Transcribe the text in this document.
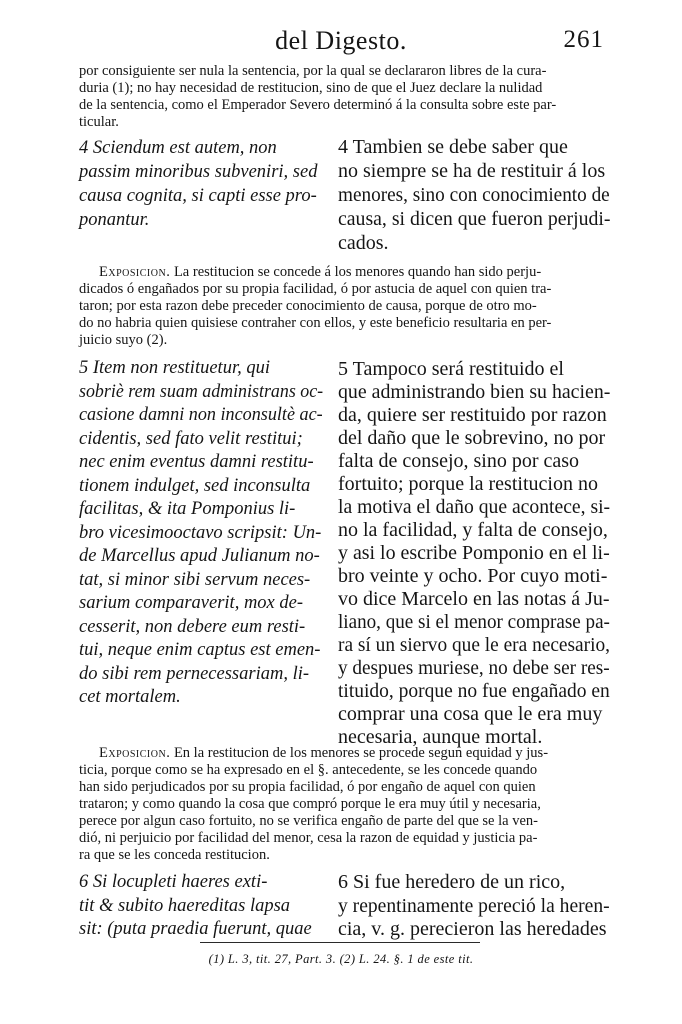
del Digesto.	261
por consiguiente ser nula la sentencia, por la qual se declararon libres de la cura-
duria (1); no hay necesidad de restitucion, sino de que el Juez declare la nulidad
de la sentencia, como el Emperador Severo determinó á la consulta sobre este par-
ticular.
4 Sciendum est autem, non
passim minoribus subveniri, sed
causa cognita, si capti esse pro-
ponantur.
4 Tambien se debe saber que
no siempre se ha de restituir á los
menores, sino con conocimiento de
causa, si dicen que fueron perjudi-
cados.
Exposicion. La restitucion se concede á los menores quando han sido perju-
dicados ó engañados por su propia facilidad, ó por astucia de aquel con quien tra-
taron; por esta razon debe preceder conocimiento de causa, porque de otro mo-
do no habria quien quisiese contraher con ellos, y este beneficio resultaria en per-
juicio suyo (2).
5 Item non restituetur, qui
sobriè rem suam administrans oc-
casione damni non inconsultè ac-
cidentis, sed fato velit restitui;
nec enim eventus damni restitu-
tionem indulget, sed inconsulta
facilitas, & ita Pomponius li-
bro vicesimooctavo scripsit: Un-
de Marcellus apud Julianum no-
tat, si minor sibi servum neces-
sarium comparaverit, mox de-
cesserit, non debere eum resti-
tui, neque enim captus est emen-
do sibi rem pernecessariam, li-
cet mortalem.
5 Tampoco será restituido el
que administrando bien su hacien-
da, quiere ser restituido por razon
del daño que le sobrevino, no por
falta de consejo, sino por caso
fortuito; porque la restitucion no
la motiva el daño que acontece, si-
no la facilidad, y falta de consejo,
y asi lo escribe Pomponio en el li-
bro veinte y ocho. Por cuyo moti-
vo dice Marcelo en las notas á Ju-
liano, que si el menor comprase pa-
ra sí un siervo que le era necesario,
y despues muriese, no debe ser res-
tituido, porque no fue engañado en
comprar una cosa que le era muy
necesaria, aunque mortal.
Exposicion. En la restitucion de los menores se procede segun equidad y jus-
ticia, porque como se ha expresado en el §. antecedente, se les concede quando
han sido perjudicados por su propia facilidad, ó por engaño de aquel con quien
trataron; y como quando la cosa que compró porque le era muy útil y necesaria,
perece por algun caso fortuito, no se verifica engaño de parte del que se la ven-
dió, ni perjuicio por facilidad del menor, cesa la razon de equidad y justicia pa-
ra que se les conceda restitucion.
6 Si locupleti haeres exti-
tit & subito haereditas lapsa
sit: (puta praedia fuerunt, quae
6 Si fue heredero de un rico,
y repentinamente pereció la heren-
cia, v. g. perecieron las heredades
(1) L. 3, tit. 27, Part. 3. (2) L. 24. §. 1 de este tit.
